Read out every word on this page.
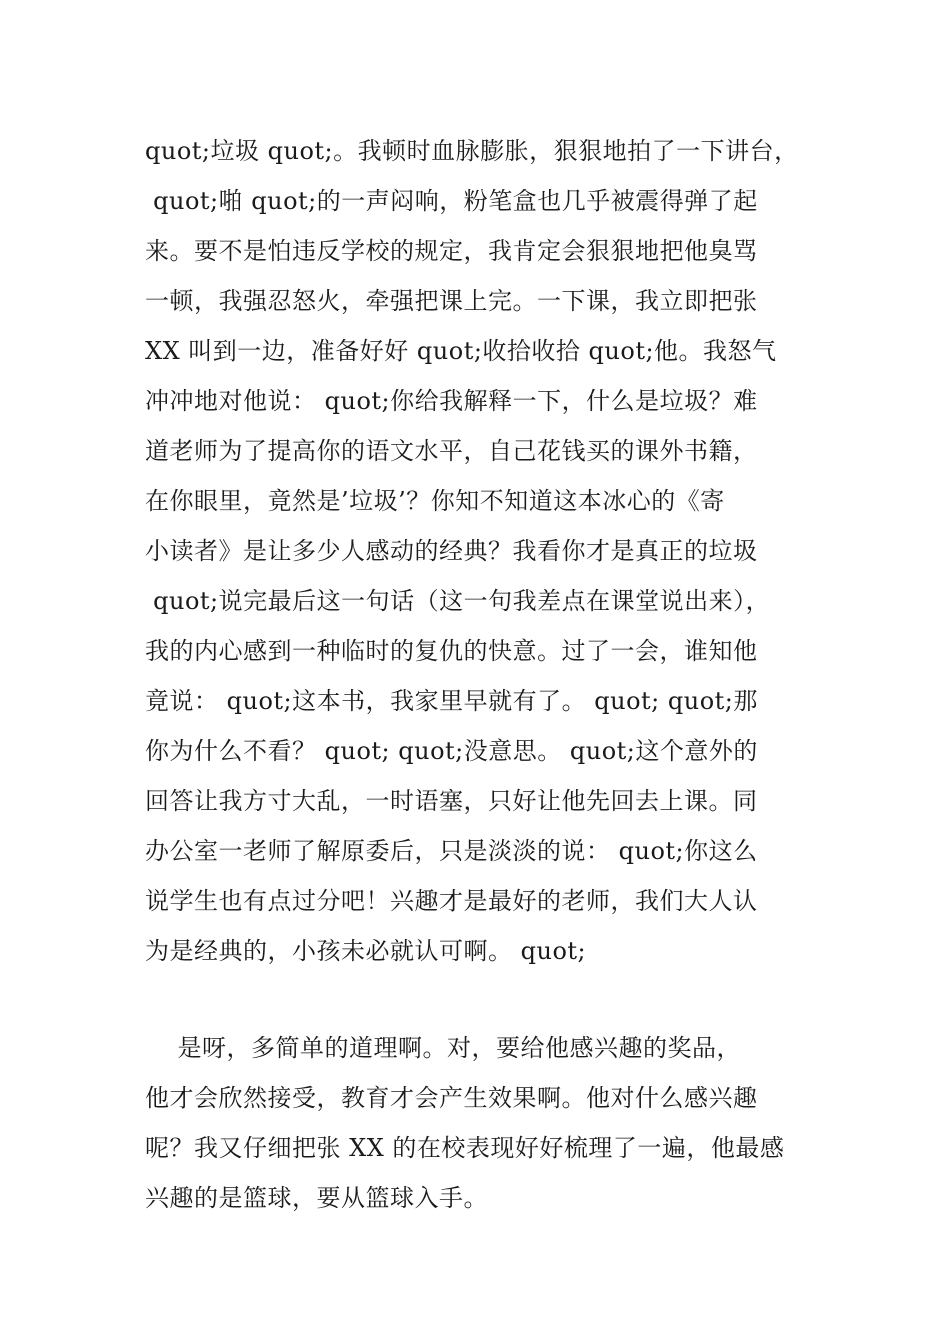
quot;垃圾 quot;。我顿时血脉膨胀，狠狠地拍了一下讲台，
quot;啪 quot;的一声闷响，粉笔盒也几乎被震得弹了起
来。要不是怕违反学校的规定，我肯定会狠狠地把他臭骂
一顿，我强忍怒火，牵强把课上完。一下课，我立即把张
XX 叫到一边，准备好好 quot;收拾收拾 quot;他。我怒气
冲冲地对他说： quot;你给我解释一下，什么是垃圾？难
道老师为了提高你的语文水平，自己花钱买的课外书籍，
在你眼里，竟然是’垃圾’？你知不知道这本冰心的《寄
小读者》是让多少人感动的经典？我看你才是真正的垃圾
quot;说完最后这一句话（这一句我差点在课堂说出来），
我的内心感到一种临时的复仇的快意。过了一会，谁知他
竟说： quot;这本书，我家里早就有了。 quot; quot;那
你为什么不看？ quot; quot;没意思。 quot;这个意外的
回答让我方寸大乱，一时语塞，只好让他先回去上课。同
办公室一老师了解原委后，只是淡淡的说： quot;你这么
说学生也有点过分吧！兴趣才是最好的老师，我们大人认
为是经典的，小孩未必就认可啊。 quot;
是呀，多简单的道理啊。对，要给他感兴趣的奖品，
他才会欣然接受，教育才会产生效果啊。他对什么感兴趣
呢？我又仔细把张 XX 的在校表现好好梳理了一遍，他最感
兴趣的是篮球，要从篮球入手。
